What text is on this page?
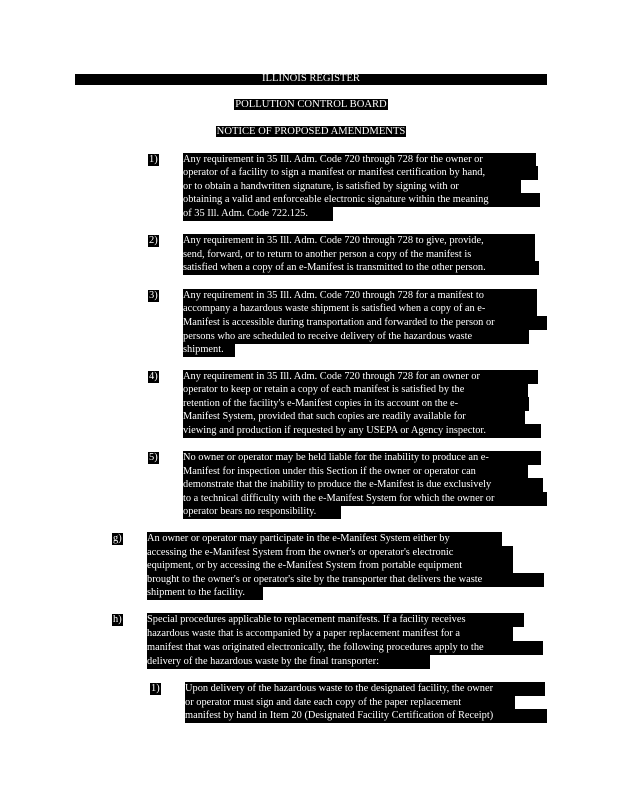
ILLINOIS REGISTER
POLLUTION CONTROL BOARD
NOTICE OF PROPOSED AMENDMENTS
1) Any requirement in 35 Ill. Adm. Code 720 through 728 for the owner or
operator of a facility to sign a manifest or manifest certification by hand,
or to obtain a handwritten signature, is satisfied by signing with or
obtaining a valid and enforceable electronic signature within the meaning
of 35 Ill. Adm. Code 722.125.
2) Any requirement in 35 Ill. Adm. Code 720 through 728 to give, provide,
send, forward, or to return to another person a copy of the manifest is
satisfied when a copy of an e-Manifest is transmitted to the other person.
3) Any requirement in 35 Ill. Adm. Code 720 through 728 for a manifest to
accompany a hazardous waste shipment is satisfied when a copy of an e-
Manifest is accessible during transportation and forwarded to the person or
persons who are scheduled to receive delivery of the hazardous waste
shipment.
4) Any requirement in 35 Ill. Adm. Code 720 through 728 for an owner or
operator to keep or retain a copy of each manifest is satisfied by the
retention of the facility's e-Manifest copies in its account on the e-
Manifest System, provided that such copies are readily available for
viewing and production if requested by any USEPA or Agency inspector.
5) No owner or operator may be held liable for the inability to produce an e-
Manifest for inspection under this Section if the owner or operator can
demonstrate that the inability to produce the e-Manifest is due exclusively
to a technical difficulty with the e-Manifest System for which the owner or
operator bears no responsibility.
g) An owner or operator may participate in the e-Manifest System either by
accessing the e-Manifest System from the owner's or operator's electronic
equipment, or by accessing the e-Manifest System from portable equipment
brought to the owner's or operator's site by the transporter that delivers the waste
shipment to the facility.
h) Special procedures applicable to replacement manifests. If a facility receives
hazardous waste that is accompanied by a paper replacement manifest for a
manifest that was originated electronically, the following procedures apply to the
delivery of the hazardous waste by the final transporter:
1) Upon delivery of the hazardous waste to the designated facility, the owner
or operator must sign and date each copy of the paper replacement
manifest by hand in Item 20 (Designated Facility Certification of Receipt)
